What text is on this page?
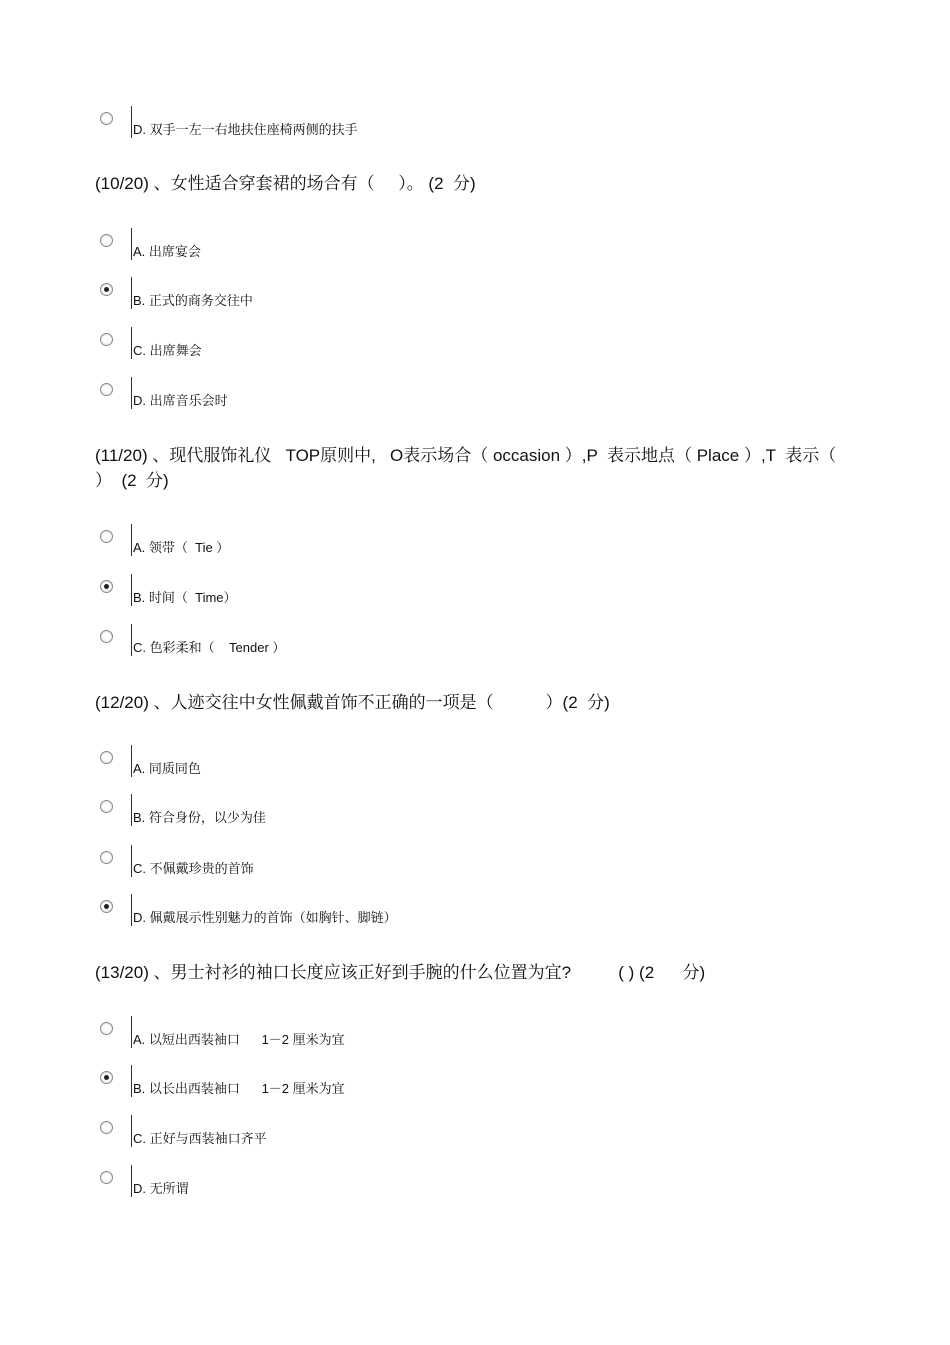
D. 双手一左一右地扶住座椅两侧的扶手

(10/20) 、女性适合穿套裙的场合有（     ）。 (2  分)

A. 出席宴会
B. 正式的商务交往中
C. 出席舞会
D. 出席音乐会时

(11/20) 、现代服饰礼仪   TOP原则中,   O表示场合（ occasion ）,P  表示地点（ Place ）,T  表示（  ）  (2  分)

A. 领带（  Tie ）
B. 时间（  Time）
C. 色彩柔和（    Tender ）

(12/20) 、人迹交往中女性佩戴首饰不正确的一项是（           ）(2  分)

A. 同质同色
B. 符合身份，以少为佳
C. 不佩戴珍贵的首饰
D. 佩戴展示性别魅力的首饰（如胸针、脚链）

(13/20) 、男士衬衫的袖口长度应该正好到手腕的什么位置为宜?          ( ) (2      分)

A. 以短出西装袖口      1－2 厘米为宜
B. 以长出西装袖口      1－2 厘米为宜
C. 正好与西装袖口齐平
D. 无所谓
